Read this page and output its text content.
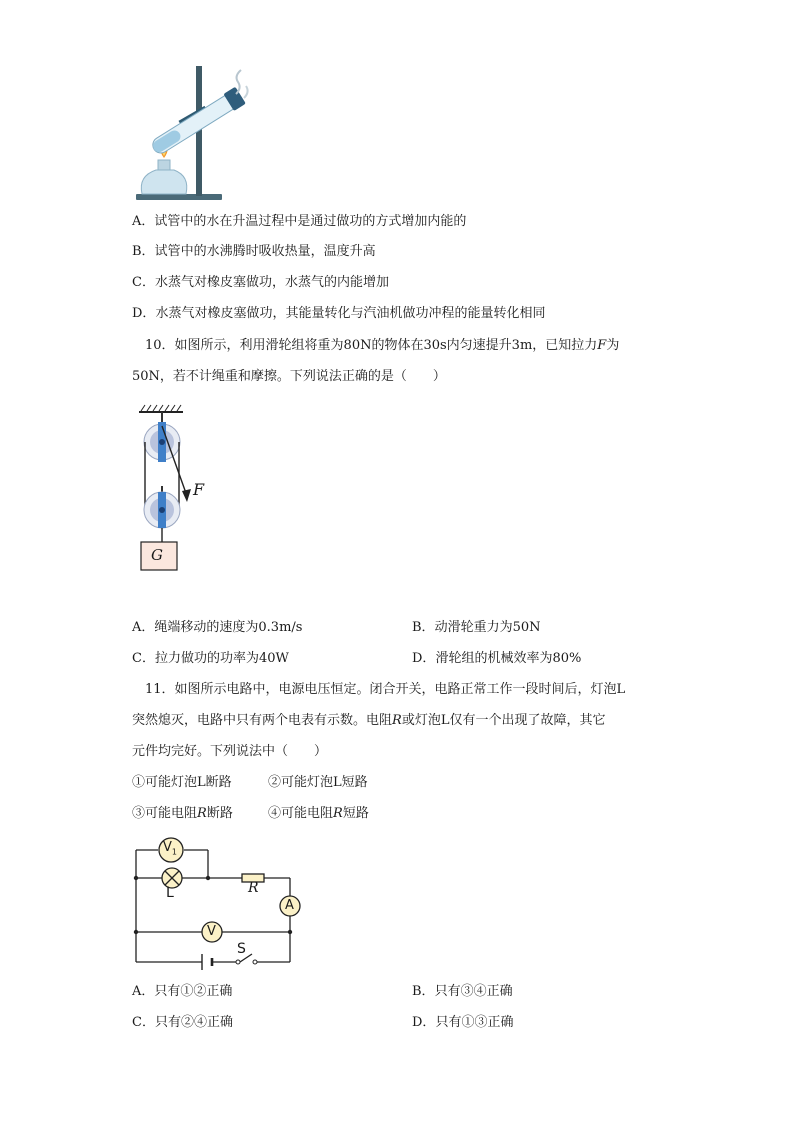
A．试管中的水在升温过程中是通过做功的方式增加内能的
B．试管中的水沸腾时吸收热量，温度升高
C．水蒸气对橡皮塞做功，水蒸气的内能增加
D．水蒸气对橡皮塞做功，其能量转化与汽油机做功冲程的能量转化相同
10．如图所示，利用滑轮组将重为80N的物体在30s内匀速提升3m，已知拉力F为
50N，若不计绳重和摩擦。下列说法正确的是（　　）
F
G
A．绳端移动的速度为0.3m/s	B．动滑轮重力为50N
C．拉力做功的功率为40W	D．滑轮组的机械效率为80%
11．如图所示电路中，电源电压恒定。闭合开关，电路正常工作一段时间后，灯泡L
突然熄灭，电路中只有两个电表有示数。电阻R或灯泡L仅有一个出现了故障，其它
元件均完好。下列说法中（　　）
①可能灯泡L断路	②可能灯泡L短路
③可能电阻R断路	④可能电阻R短路
$V_1$
L	R
A
V
S
A．只有①②正确	B．只有③④正确
C．只有②④正确	D．只有①③正确
